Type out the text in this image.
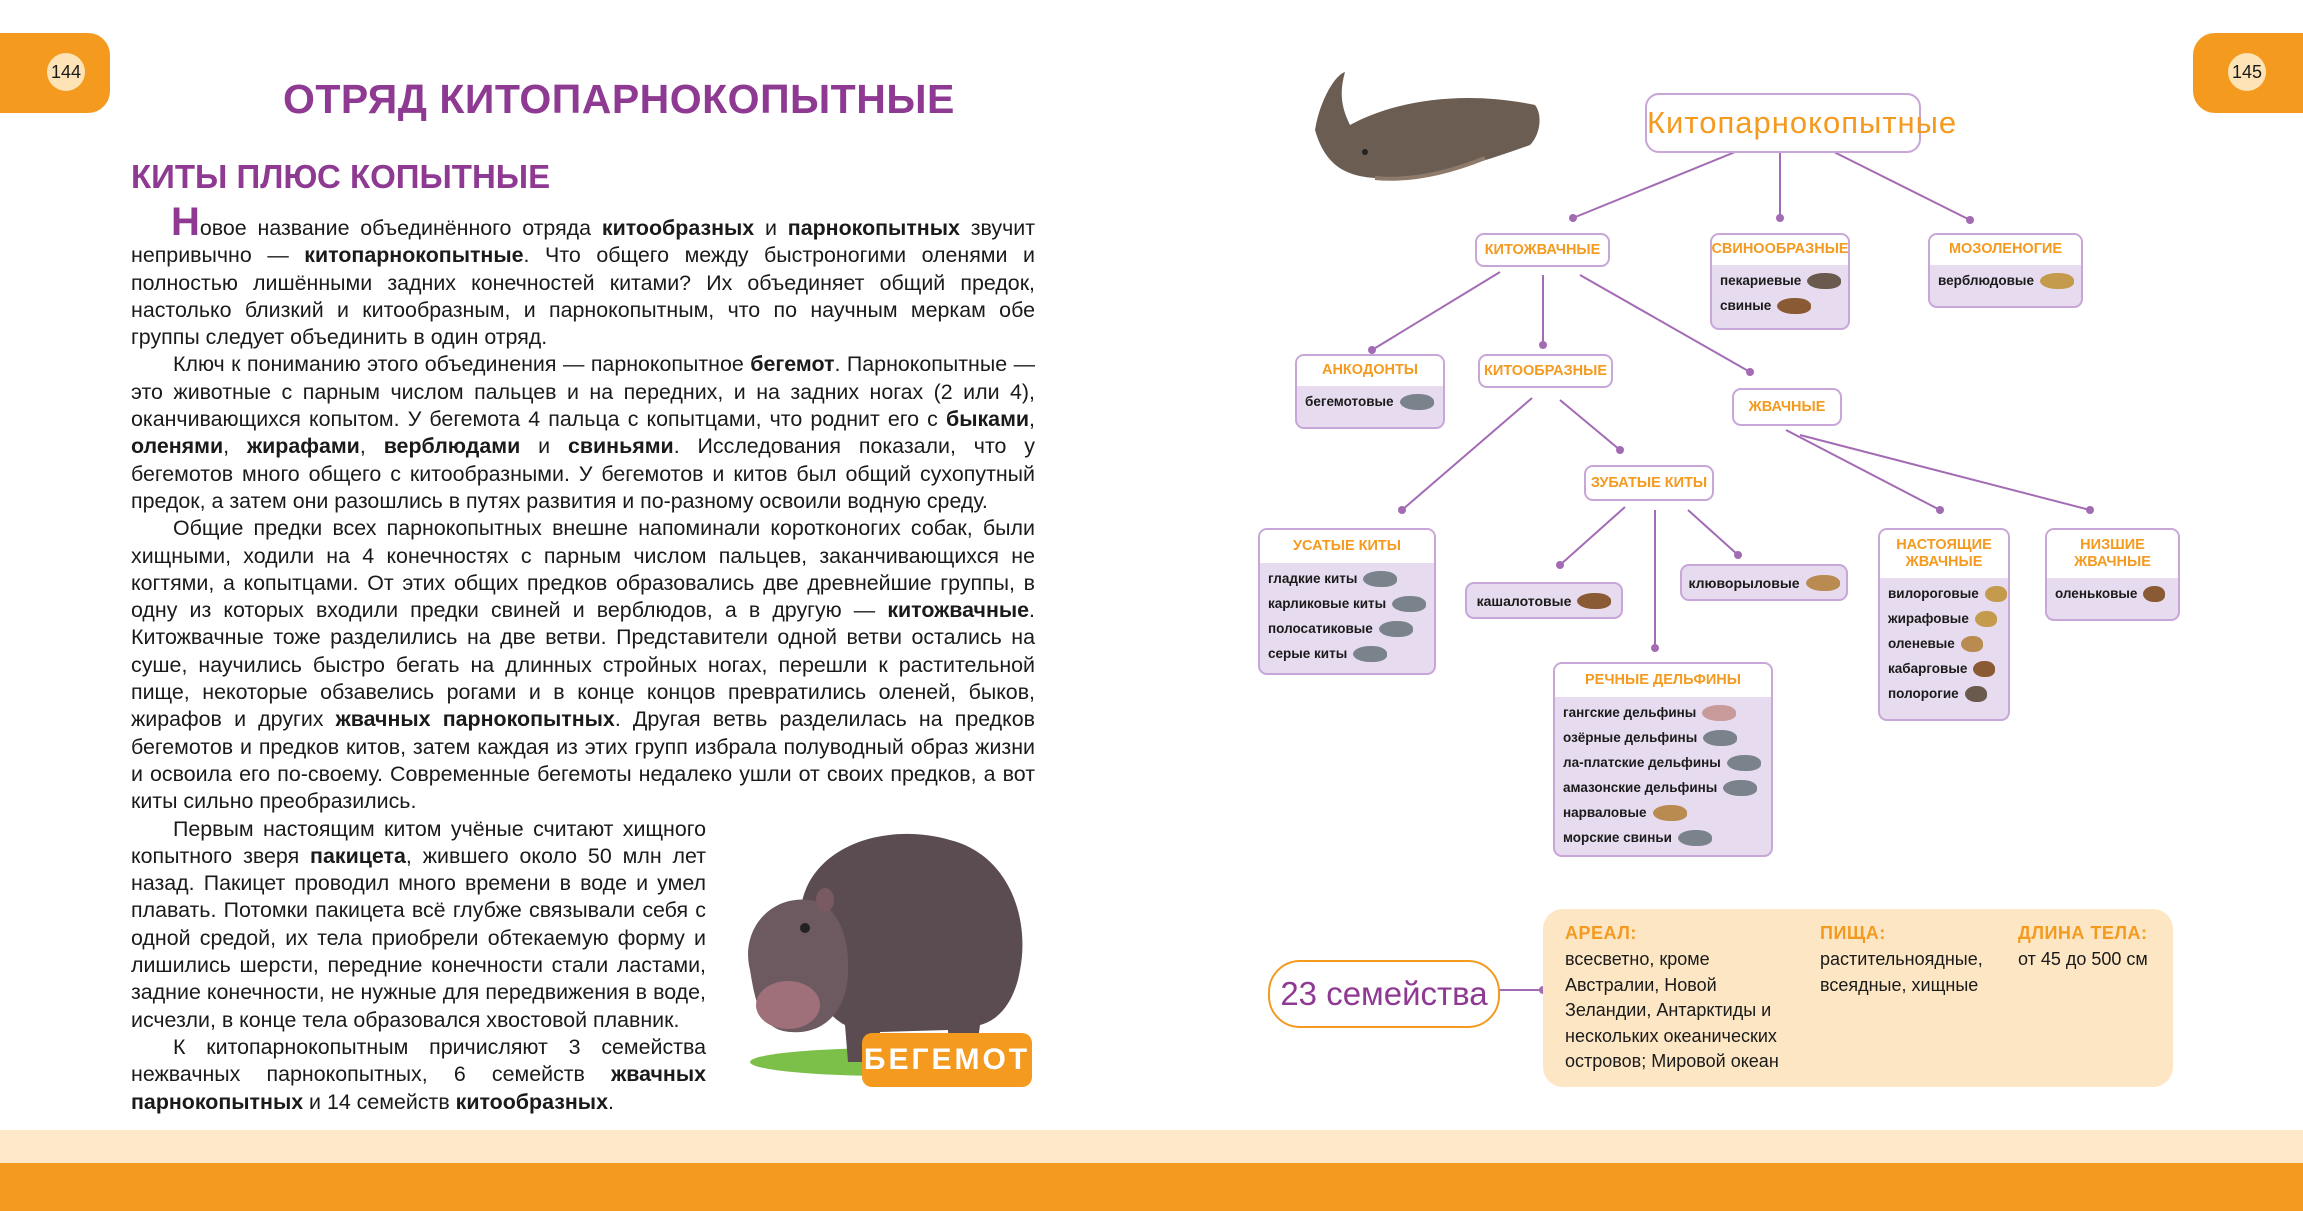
144	145
ОТРЯД КИТОПАРНОКОПЫТНЫЕ
КИТЫ ПЛЮС КОПЫТНЫЕ

Новое название объединённого отряда китообразных и парнокопытных звучит непривычно — китопарнокопытные. Что общего между быстроногими оленями и полностью лишёнными задних конечностей китами? Их объединяет общий предок, настолько близкий и китообразным, и парнокопытным, что по научным меркам обе группы следует объединить в один отряд.

Ключ к пониманию этого объединения — парнокопытное бегемот. Парнокопытные — это животные с парным числом пальцев и на передних, и на задних ногах (2 или 4), оканчивающихся копытом. У бегемота 4 пальца с копытцами, что роднит его с быками, оленями, жирафами, верблюдами и свиньями. Исследования показали, что у бегемотов много общего с китообразными. У бегемотов и китов был общий сухопутный предок, а затем они разошлись в путях развития и по-разному освоили водную среду.

Общие предки всех парнокопытных внешне напоминали коротконогих собак, были хищными, ходили на 4 конечностях с парным числом пальцев, заканчивающихся не когтями, а копытцами. От этих общих предков образовались две древнейшие группы, в одну из которых входили предки свиней и верблюдов, а в другую — китожвачные. Китожвачные тоже разделились на две ветви. Представители одной ветви остались на суше, научились быстро бегать на длинных стройных ногах, перешли к растительной пище, некоторые обзавелись рогами и в конце концов превратились оленей, быков, жирафов и других жвачных парнокопытных. Другая ветвь разделилась на предков бегемотов и предков китов, затем каждая из этих групп избрала полуводный образ жизни и освоила его по-своему. Современные бегемоты недалеко ушли от своих предков, а вот киты сильно преобразились.

Первым настоящим китом учёные считают хищного копытного зверя пакицета, жившего около 50 млн лет назад. Пакицет проводил много времени в воде и умел плавать. Потомки пакицета всё глубже связывали себя с одной средой, их тела приобрели обтекаемую форму и лишились шерсти, передние конечности стали ластами, задние конечности, не нужные для передвижения в воде, исчезли, в конце тела образовался хвостовой плавник.

К китопарнокопытным причисляют 3 семейства нежвачных парнокопытных, 6 семейств жвачных парнокопытных и 14 семейств китообразных.

БЕГЕМОТ
Китопарнокопытные
КИТОЖВАЧНЫЕ	СВИНООБРАЗНЫЕ
пекариевые
свиные
МОЗОЛЕНОГИЕ
верблюдовые
АНКОДОНТЫ
бегемотовые
КИТООБРАЗНЫЕ
ЖВАЧНЫЕ
ЗУБАТЫЕ КИТЫ
УСАТЫЕ КИТЫ
гладкие киты
карликовые киты
полосатиковые
серые киты
кашалотовые
клюворыловые
РЕЧНЫЕ ДЕЛЬФИНЫ
гангские дельфины
озёрные дельфины
ла-платские дельфины
амазонские дельфины
нарваловые
морские свиньи
НАСТОЯЩИЕ ЖВАЧНЫЕ
вилороговые
жирафовые
оленевые
кабарговые
полорогие
НИЗШИЕ ЖВАЧНЫЕ
оленьковые
23 семейства
АРЕАЛ:
всесветно, кроме Австралии, Новой Зеландии, Антарктиды и нескольких океанических островов; Мировой океан
ПИЩА:
растительноядные, всеядные, хищные
ДЛИНА ТЕЛА:
от 45 до 500 см
